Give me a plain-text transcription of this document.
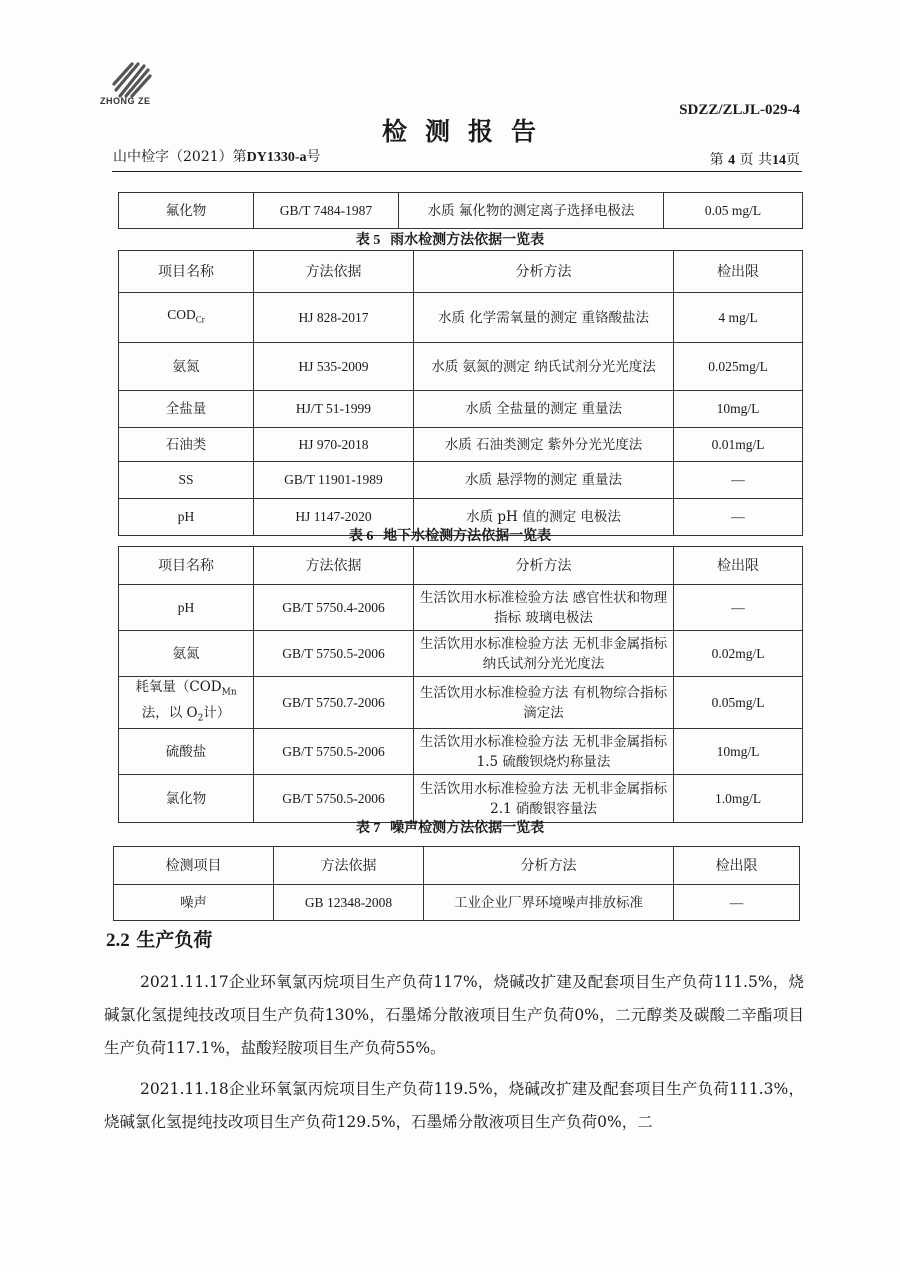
ZHONG ZE
SDZZ/ZLJL-029-4
检测报告
山中检字（2021）第DY1330-a号	第 4 页 共14页
氟化物	GB/T 7484-1987	水质 氟化物的测定离子选择电极法	0.05 mg/L
表 5 雨水检测方法依据一览表
项目名称	方法依据	分析方法	检出限
$COD_{Cr}$	HJ 828-2017	水质 化学需氧量的测定 重铬酸盐法	4 mg/L
氨氮	HJ 535-2009	水质 氨氮的测定 纳氏试剂分光光度法	0.025mg/L
全盐量	HJ/T 51-1999	水质 全盐量的测定 重量法	10mg/L
石油类	HJ 970-2018	水质 石油类测定 紫外分光光度法	0.01mg/L
SS	GB/T 11901-1989	水质 悬浮物的测定 重量法	—
pH	HJ 1147-2020	水质 pH 值的测定 电极法	—
表 6 地下水检测方法依据一览表
项目名称	方法依据	分析方法	检出限
pH	GB/T 5750.4-2006	生活饮用水标准检验方法 感官性状和物理指标 玻璃电极法	—
氨氮	GB/T 5750.5-2006	生活饮用水标准检验方法 无机非金属指标 纳氏试剂分光光度法	0.02mg/L
耗氧量（$COD_{Mn}$
法，以 $O_2$计）	GB/T 5750.7-2006	生活饮用水标准检验方法 有机物综合指标 滴定法	0.05mg/L
硫酸盐	GB/T 5750.5-2006	生活饮用水标准检验方法 无机非金属指标 1.5 硫酸钡烧灼称量法	10mg/L
氯化物	GB/T 5750.5-2006	生活饮用水标准检验方法 无机非金属指标 2.1 硝酸银容量法	1.0mg/L
表 7 噪声检测方法依据一览表
检测项目	方法依据	分析方法	检出限
噪声	GB 12348-2008	工业企业厂界环境噪声排放标准	—
2.2 生产负荷
2021.11.17企业环氧氯丙烷项目生产负荷117%，烧碱改扩建及配套项目生产负荷111.5%，烧碱氯化氢提纯技改项目生产负荷130%，石墨烯分散液项目生产负荷0%，二元醇类及碳酸二辛酯项目生产负荷117.1%，盐酸羟胺项目生产负荷55%。
2021.11.18企业环氧氯丙烷项目生产负荷119.5%，烧碱改扩建及配套项目生产负荷111.3%，烧碱氯化氢提纯技改项目生产负荷129.5%，石墨烯分散液项目生产负荷0%，二
